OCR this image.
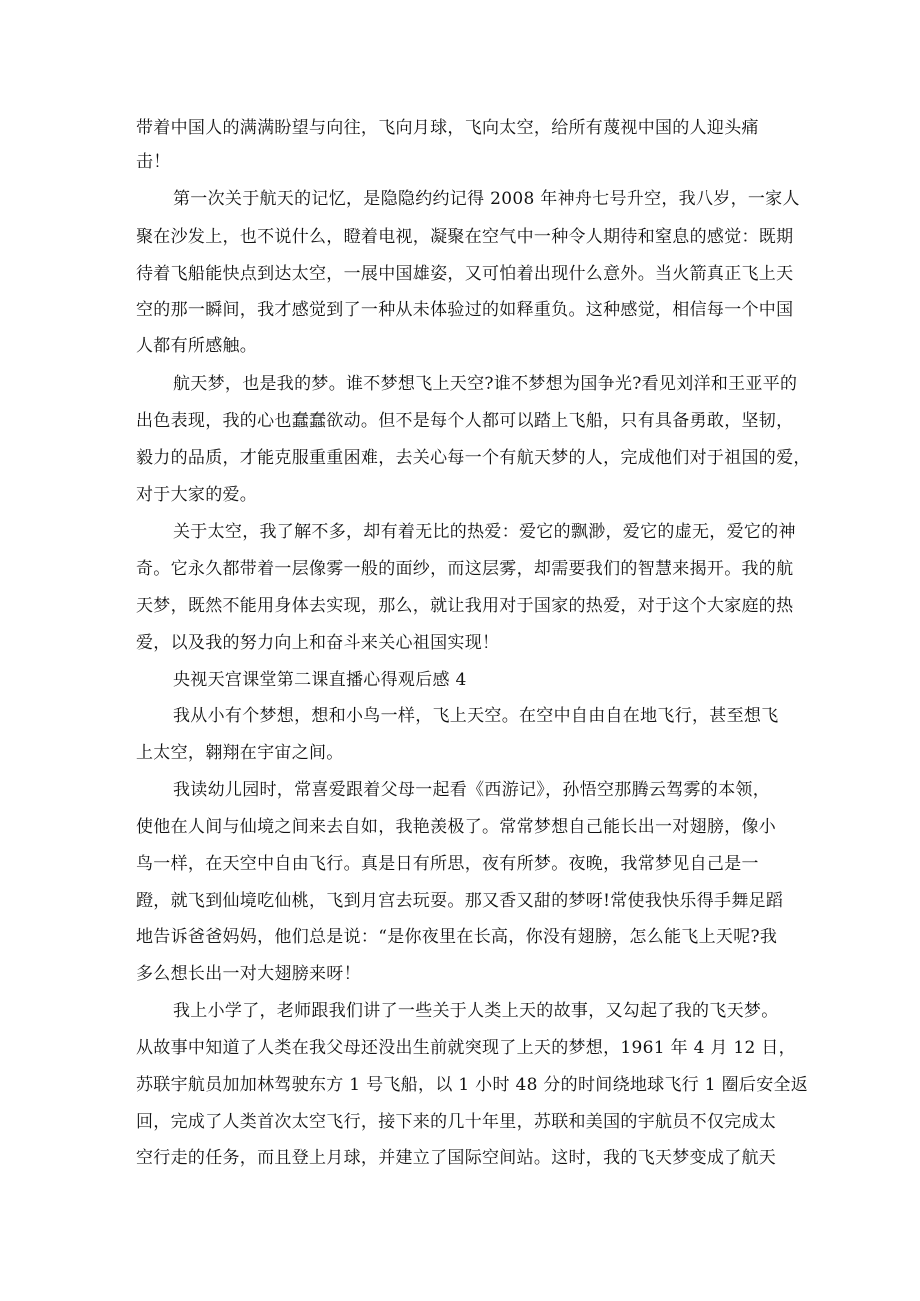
带着中国人的满满盼望与向往，飞向月球，飞向太空，给所有蔑视中国的人迎头痛
击！
第一次关于航天的记忆，是隐隐约约记得 2008 年神舟七号升空，我八岁，一家人
聚在沙发上，也不说什么，瞪着电视，凝聚在空气中一种令人期待和窒息的感觉：既期
待着飞船能快点到达太空，一展中国雄姿，又可怕着出现什么意外。当火箭真正飞上天
空的那一瞬间，我才感觉到了一种从未体验过的如释重负。这种感觉，相信每一个中国
人都有所感触。
航天梦，也是我的梦。谁不梦想飞上天空?谁不梦想为国争光?看见刘洋和王亚平的
出色表现，我的心也蠢蠢欲动。但不是每个人都可以踏上飞船，只有具备勇敢，坚韧，
毅力的品质，才能克服重重困难，去关心每一个有航天梦的人，完成他们对于祖国的爱，
对于大家的爱。
关于太空，我了解不多，却有着无比的热爱：爱它的飘渺，爱它的虚无，爱它的神
奇。它永久都带着一层像雾一般的面纱，而这层雾，却需要我们的智慧来揭开。我的航
天梦，既然不能用身体去实现，那么，就让我用对于国家的热爱，对于这个大家庭的热
爱，以及我的努力向上和奋斗来关心祖国实现！
央视天宫课堂第二课直播心得观后感 4
我从小有个梦想，想和小鸟一样，飞上天空。在空中自由自在地飞行，甚至想飞
上太空，翱翔在宇宙之间。
我读幼儿园时，常喜爱跟着父母一起看《西游记》，孙悟空那腾云驾雾的本领，
使他在人间与仙境之间来去自如，我艳羡极了。常常梦想自己能长出一对翅膀，像小
鸟一样，在天空中自由飞行。真是日有所思，夜有所梦。夜晚，我常梦见自己是一
蹬，就飞到仙境吃仙桃，飞到月宫去玩耍。那又香又甜的梦呀!常使我快乐得手舞足蹈
地告诉爸爸妈妈，他们总是说：“是你夜里在长高，你没有翅膀，怎么能飞上天呢?我
多么想长出一对大翅膀来呀！
我上小学了，老师跟我们讲了一些关于人类上天的故事，又勾起了我的飞天梦。
从故事中知道了人类在我父母还没出生前就突现了上天的梦想，1961 年 4 月 12 日，
苏联宇航员加加林驾驶东方 1 号飞船，以 1 小时 48 分的时间绕地球飞行 1 圈后安全返
回，完成了人类首次太空飞行，接下来的几十年里，苏联和美国的宇航员不仅完成太
空行走的任务，而且登上月球，并建立了国际空间站。这时，我的飞天梦变成了航天
